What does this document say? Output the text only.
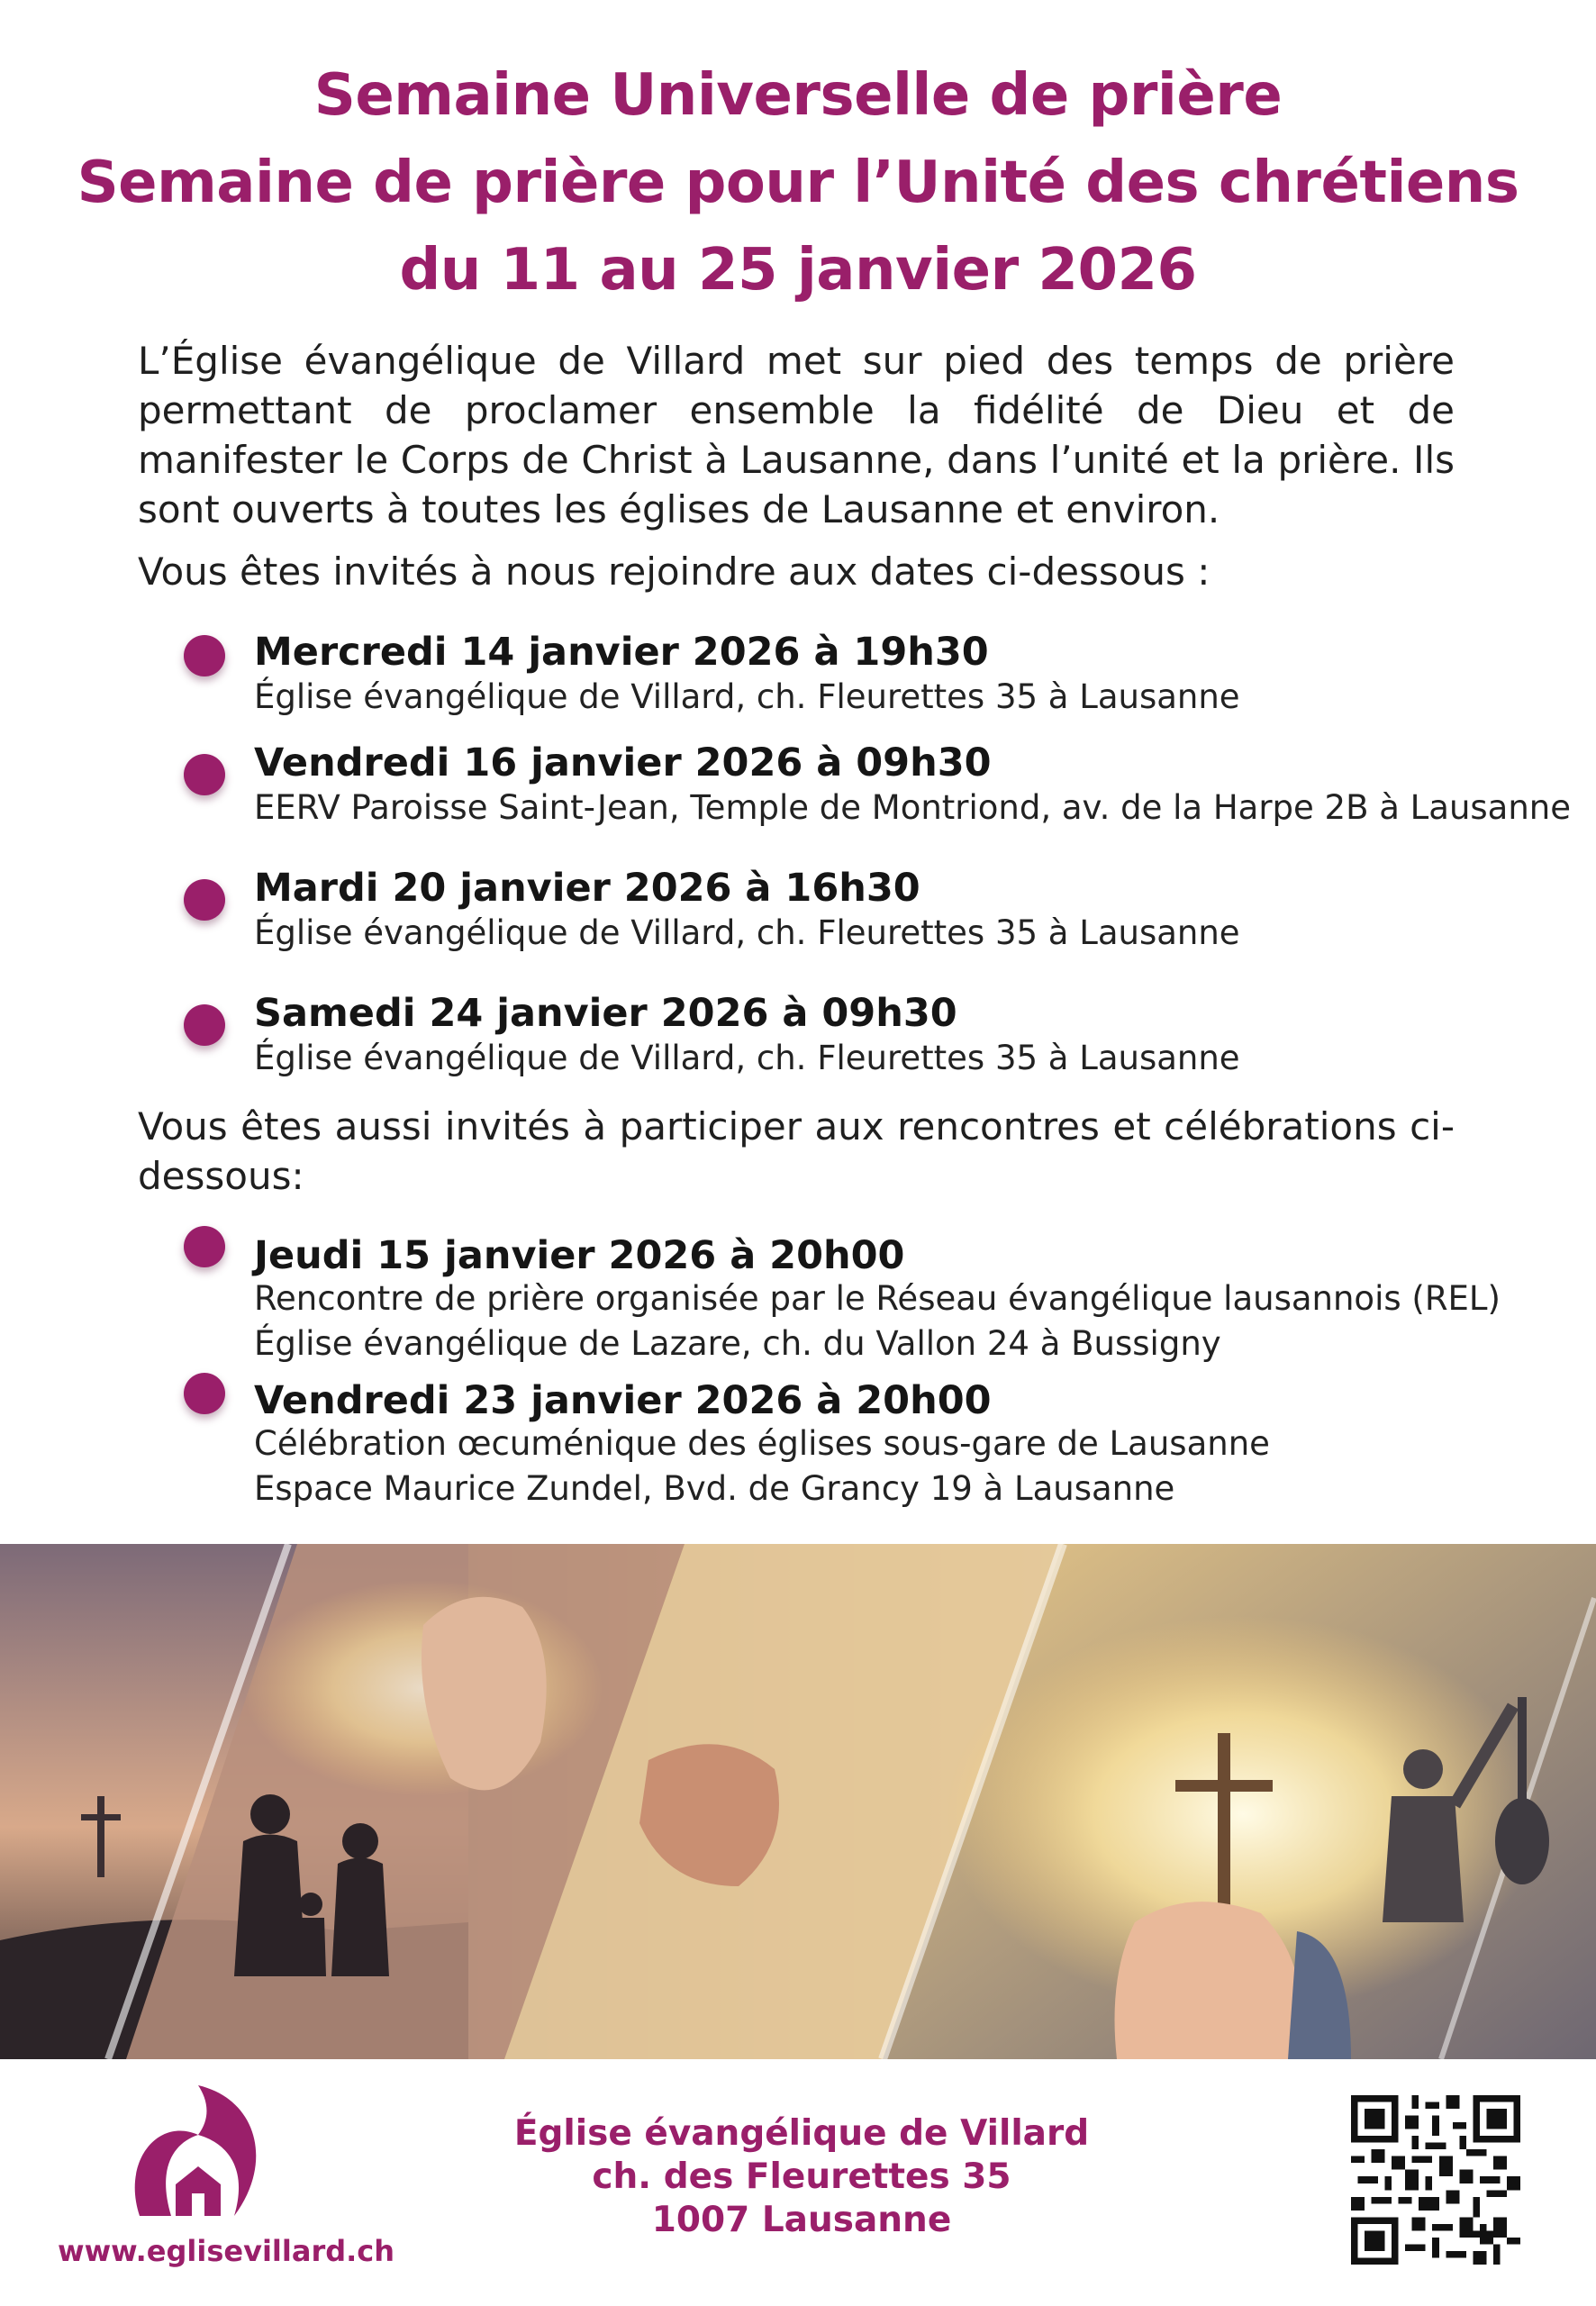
Semaine Universelle de prière
Semaine de prière pour l’Unité des chrétiens
du 11 au 25 janvier 2026
L’Église évangélique de Villard met sur pied des temps de prière permettant de proclamer ensemble la fidélité de Dieu et de manifester le Corps de Christ à Lausanne, dans l’unité et la prière. Ils sont ouverts à toutes les églises de Lausanne et environ.
Vous êtes invités à nous rejoindre aux dates ci-dessous :
Mercredi 14 janvier 2026 à 19h30
Église évangélique de Villard, ch. Fleurettes 35 à Lausanne
Vendredi 16 janvier 2026 à 09h30
EERV Paroisse Saint-Jean, Temple de Montriond, av. de la Harpe 2B à Lausanne
Mardi 20 janvier 2026 à 16h30
Église évangélique de Villard, ch. Fleurettes 35 à Lausanne
Samedi 24 janvier 2026 à 09h30
Église évangélique de Villard, ch. Fleurettes 35 à Lausanne
Vous êtes aussi invités à participer aux rencontres et célébrations ci-dessous:
Jeudi 15 janvier 2026 à 20h00
Rencontre de prière organisée par le Réseau évangélique lausannois (REL)
Église évangélique de Lazare, ch. du Vallon 24 à Bussigny
Vendredi 23 janvier 2026 à 20h00
Célébration œcuménique des églises sous-gare de Lausanne
Espace Maurice Zundel, Bvd. de Grancy 19 à Lausanne
www.eglisevillard.ch
Église évangélique de Villard
ch. des Fleurettes 35
1007 Lausanne
